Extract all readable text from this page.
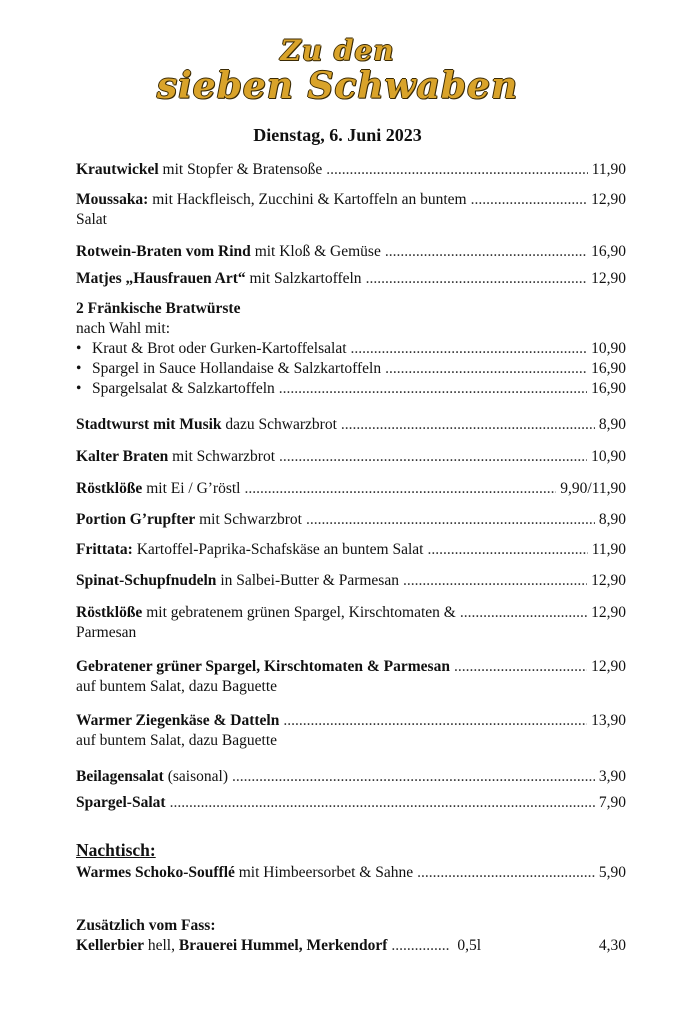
Zu den
sieben Schwaben
Dienstag, 6. Juni 2023
Krautwickel mit Stopfer & Bratensoße .....	11,90
Moussaka: mit Hackfleisch, Zucchini & Kartoffeln an buntem .....	12,90
Salat
Rotwein-Braten vom Rind mit Kloß & Gemüse .....	16,90
Matjes „Hausfrauen Art“ mit Salzkartoffeln .....	12,90
2 Fränkische Bratwürste
nach Wahl mit:
• Kraut & Brot oder Gurken-Kartoffelsalat .....	10,90
• Spargel in Sauce Hollandaise & Salzkartoffeln .....	16,90
• Spargelsalat & Salzkartoffeln .....	16,90
Stadtwurst mit Musik dazu Schwarzbrot .....	8,90
Kalter Braten mit Schwarzbrot .....	10,90
Röstklöße mit Ei / G’röstl .....	9,90/11,90
Portion G’rupfter mit Schwarzbrot .....	8,90
Frittata: Kartoffel-Paprika-Schafskäse an buntem Salat .....	11,90
Spinat-Schupfnudeln in Salbei-Butter & Parmesan .....	12,90
Röstklöße mit gebratenem grünen Spargel, Kirschtomaten & .....	12,90
Parmesan
Gebratener grüner Spargel, Kirschtomaten & Parmesan .....	12,90
auf buntem Salat, dazu Baguette
Warmer Ziegenkäse & Datteln .....	13,90
auf buntem Salat, dazu Baguette
Beilagensalat (saisonal) .....	3,90
Spargel-Salat .....	7,90
Nachtisch:
Warmes Schoko-Soufflé mit Himbeersorbet & Sahne .....	5,90
Zusätzlich vom Fass:
Kellerbier hell, Brauerei Hummel, Merkendorf .....	0,5l	4,30
